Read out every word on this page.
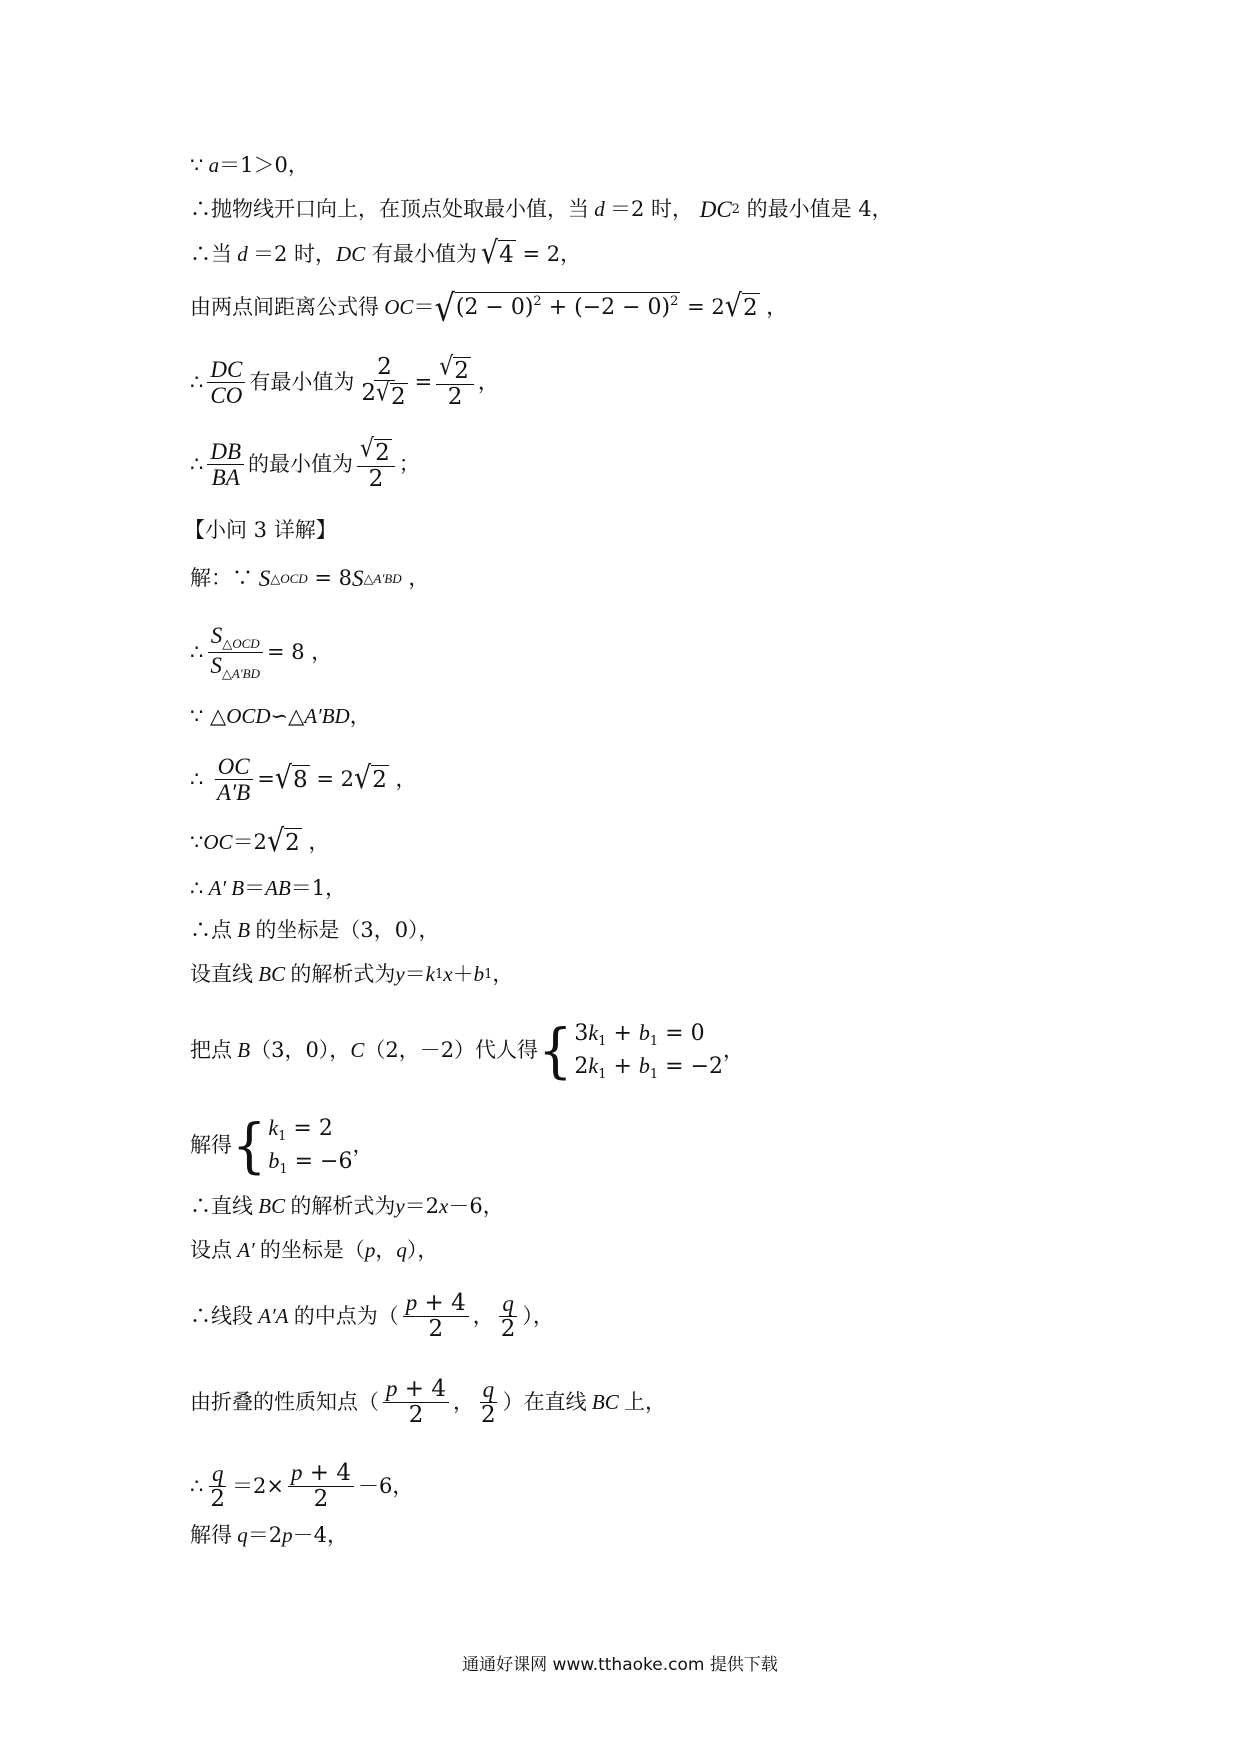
∵ a ＝1＞0，
∴抛物线开口向上，在顶点处取最小值，当 d ＝2 时， DC 2 的最小值是 4，
∴当 d ＝2 时， DC 有最小值为 √ 4 = 2，
由两点间距离公式得 OC ＝ √ $(2 - 0)^2 + (-2 - 0)^2 = 2$ √ 2 ，
∴ $\frac{DC}{CO}$ 有最小值为 $\frac{2}{2 √ 2} = \frac{√ 2}{2}$ ，
∴ $\frac{DB}{BA}$ 的最小值为 $\frac{√ 2}{2}$ ；
【小问 3 详解】
解：∵ S △OCD = 8 S △A′BD ，
∴ $\frac{S_{\triangle OCD}}{S_{\triangle A'BD}} = 8$ ，
∵ △ OCD ∽△ A′BD ，
∴ $\frac{OC}{A'B}$ = √ 8 = 2 √ 2 ，
∵ OC ＝2 √ 2 ，
∴ A′ B ＝ AB ＝1，
∴点 B 的坐标是（3，0），
设直线 BC 的解析式为 y ＝ k 1 x ＋ b 1 ，
把点 B （3，0）， C （2，－2）代人得 { $3k_1 + b_1 = 0$
$2k_1 + b_1 = -2$
，
解得 { $k_1 = 2$
$b_1 = -6$
，
∴直线 BC 的解析式为 y ＝2 x －6，
设点 A′ 的坐标是（ p ， q ），
∴线段 A′A 的中点为（ $\frac{p + 4}{2}$ ， $\frac{q}{2}$ ），
由折叠的性质知点（ $\frac{p + 4}{2}$ ， $\frac{q}{2}$ ）在直线 BC 上，
∴ $\frac{q}{2} =2\times \frac{p + 4}{2} -6$，
解得 q ＝2 p －4，
通通好课网 www.tthaoke.com 提供下载
